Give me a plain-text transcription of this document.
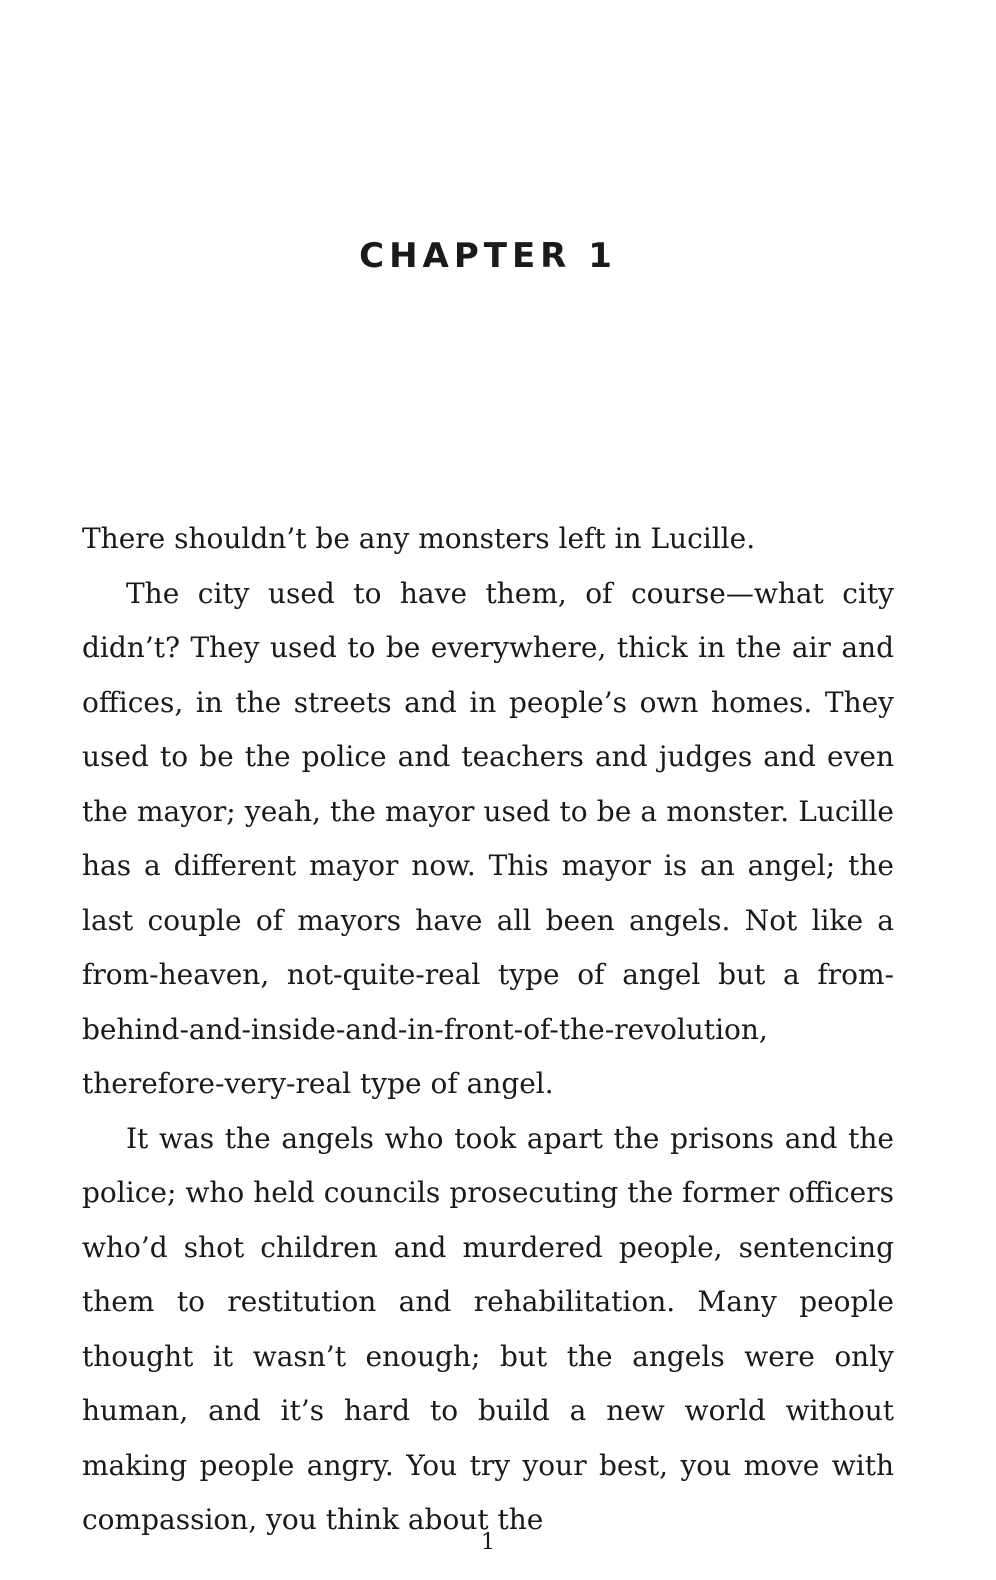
CHAPTER 1

There shouldn’t be any monsters left in Lucille.

The city used to have them, of course—what city didn’t? They used to be everywhere, thick in the air and offices, in the streets and in people’s own homes. They used to be the police and teachers and judges and even the mayor; yeah, the mayor used to be a monster. Lucille has a different mayor now. This mayor is an angel; the last couple of mayors have all been angels. Not like a from-heaven, not-quite-real type of angel but a from-behind-and-inside-and-in-front-of-the-revolution, therefore-very-real type of angel.

It was the angels who took apart the prisons and the police; who held councils prosecuting the former officers who’d shot children and murdered people, sentencing them to restitution and rehabilitation. Many people thought it wasn’t enough; but the angels were only human, and it’s hard to build a new world without making people angry. You try your best, you move with compassion, you think about the

1
